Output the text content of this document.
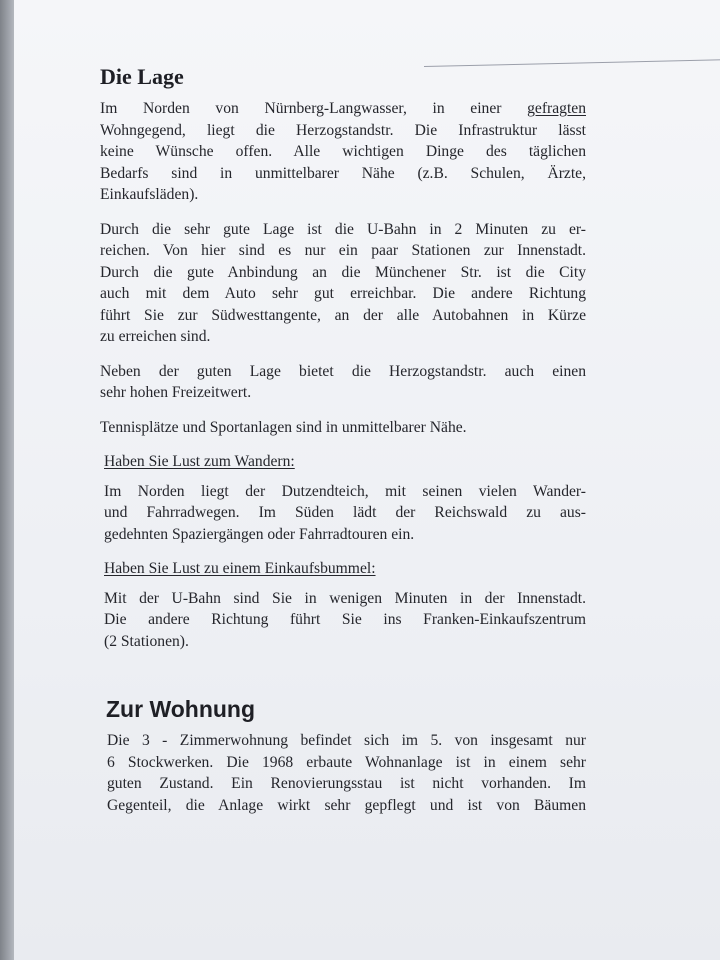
Die Lage

Im Norden von Nürnberg-Langwasser, in einer gefragten
Wohngegend, liegt die Herzogstandstr. Die Infrastruktur lässt
keine Wünsche offen. Alle wichtigen Dinge des täglichen
Bedarfs sind in unmittelbarer Nähe (z.B. Schulen, Ärzte,
Einkaufsläden).

Durch die sehr gute Lage ist die U-Bahn in 2 Minuten zu er-
reichen. Von hier sind es nur ein paar Stationen zur Innenstadt.
Durch die gute Anbindung an die Münchener Str. ist die City
auch mit dem Auto sehr gut erreichbar. Die andere Richtung
führt Sie zur Südwesttangente, an der alle Autobahnen in Kürze
zu erreichen sind.

Neben der guten Lage bietet die Herzogstandstr. auch einen
sehr hohen Freizeitwert.

Tennisplätze und Sportanlagen sind in unmittelbarer Nähe.

Haben Sie Lust zum Wandern:

Im Norden liegt der Dutzendteich, mit seinen vielen Wander-
und Fahrradwegen. Im Süden lädt der Reichswald zu aus-
gedehnten Spaziergängen oder Fahrradtouren ein.

Haben Sie Lust zu einem Einkaufsbummel:

Mit der U-Bahn sind Sie in wenigen Minuten in der Innenstadt.
Die andere Richtung führt Sie ins Franken-Einkaufszentrum
(2 Stationen).

Zur Wohnung

Die 3 - Zimmerwohnung befindet sich im 5. von insgesamt nur
6 Stockwerken. Die 1968 erbaute Wohnanlage ist in einem sehr
guten Zustand. Ein Renovierungsstau ist nicht vorhanden. Im
Gegenteil, die Anlage wirkt sehr gepflegt und ist von Bäumen
